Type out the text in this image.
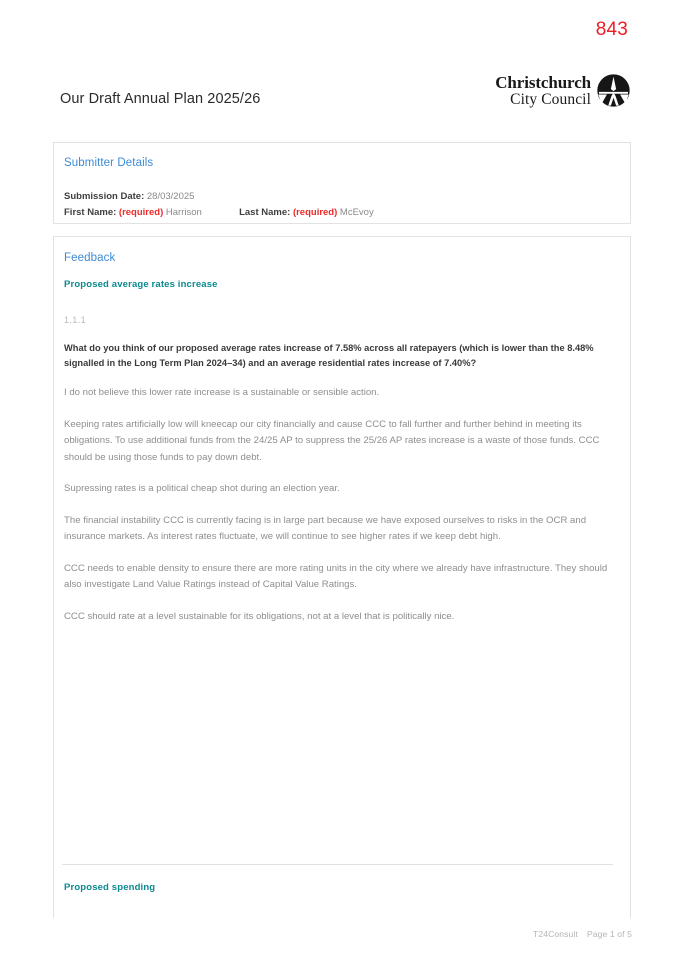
843
Our Draft Annual Plan 2025/26
Christchurch
City Council
Submitter Details
Submission Date: 28/03/2025
First Name: (required) Harrison	Last Name: (required) McEvoy
Feedback
Proposed average rates increase
1.1.1
What do you think of our proposed average rates increase of 7.58% across all ratepayers (which is lower than the 8.48% signalled in the Long Term Plan 2024–34) and an average residential rates increase of 7.40%?

I do not believe this lower rate increase is a sustainable or sensible action.

Keeping rates artificially low will kneecap our city financially and cause CCC to fall further and further behind in meeting its obligations. To use additional funds from the 24/25 AP to suppress the 25/26 AP rates increase is a waste of those funds. CCC should be using those funds to pay down debt.

Supressing rates is a political cheap shot during an election year.

The financial instability CCC is currently facing is in large part because we have exposed ourselves to risks in the OCR and insurance markets. As interest rates fluctuate, we will continue to see higher rates if we keep debt high.

CCC needs to enable density to ensure there are more rating units in the city where we already have infrastructure. They should also investigate Land Value Ratings instead of Capital Value Ratings.

CCC should rate at a level sustainable for its obligations, not at a level that is politically nice.

Proposed spending
T24Consult Page 1 of 5
